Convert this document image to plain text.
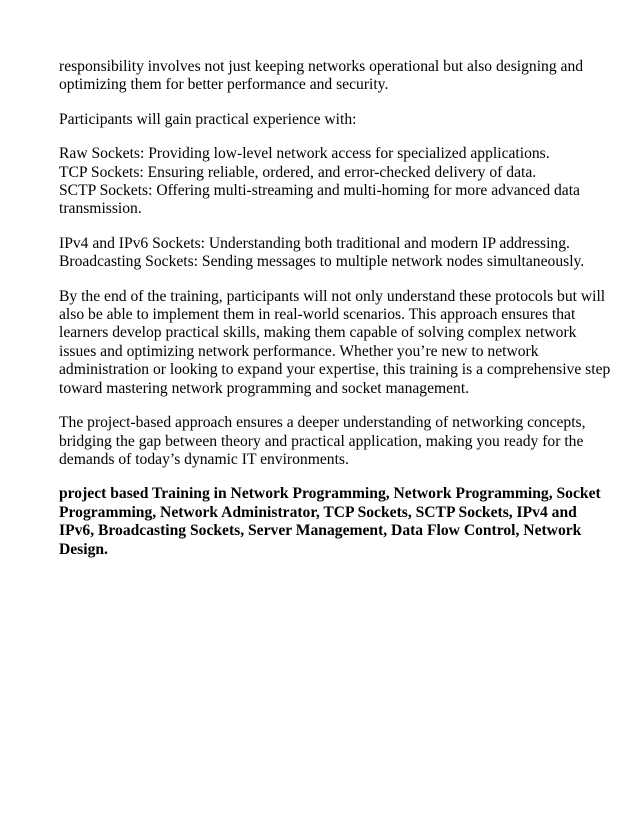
responsibility involves not just keeping networks operational but also designing and
optimizing them for better performance and security.

Participants will gain practical experience with:

Raw Sockets: Providing low-level network access for specialized applications.
TCP Sockets: Ensuring reliable, ordered, and error-checked delivery of data.
SCTP Sockets: Offering multi-streaming and multi-homing for more advanced data
transmission.

IPv4 and IPv6 Sockets: Understanding both traditional and modern IP addressing.
Broadcasting Sockets: Sending messages to multiple network nodes simultaneously.

By the end of the training, participants will not only understand these protocols but will
also be able to implement them in real-world scenarios. This approach ensures that
learners develop practical skills, making them capable of solving complex network
issues and optimizing network performance. Whether you’re new to network
administration or looking to expand your expertise, this training is a comprehensive step
toward mastering network programming and socket management.

The project-based approach ensures a deeper understanding of networking concepts,
bridging the gap between theory and practical application, making you ready for the
demands of today’s dynamic IT environments.

project based Training in Network Programming, Network Programming, Socket
Programming, Network Administrator, TCP Sockets, SCTP Sockets, IPv4 and
IPv6, Broadcasting Sockets, Server Management, Data Flow Control, Network
Design.
